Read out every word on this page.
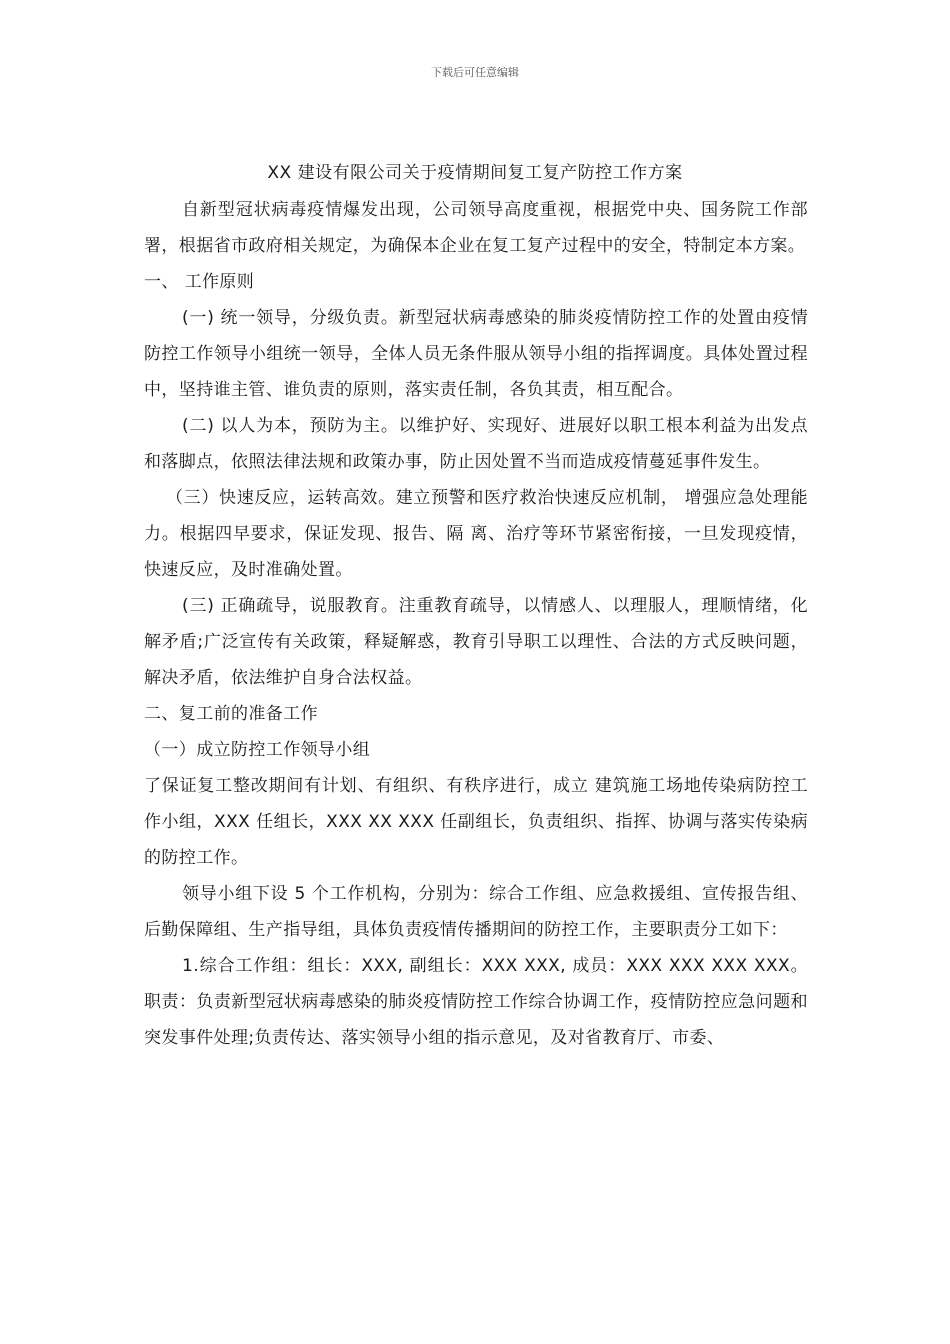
下载后可任意编辑
XX 建设有限公司关于疫情期间复工复产防控工作方案

自新型冠状病毒疫情爆发出现，公司领导高度重视，根据党中央、国务院工作部署，根据省市政府相关规定，为确保本企业在复工复产过程中的安全，特制定本方案。

一、 工作原则

(一) 统一领导，分级负责。新型冠状病毒感染的肺炎疫情防控工作的处置由疫情防控工作领导小组统一领导，全体人员无条件服从领导小组的指挥调度。具体处置过程中，坚持谁主管、谁负责的原则，落实责任制，各负其责，相互配合。

(二) 以人为本，预防为主。以维护好、实现好、进展好以职工根本利益为出发点和落脚点，依照法律法规和政策办事，防止因处置不当而造成疫情蔓延事件发生。

（三）快速反应，运转高效。建立预警和医疗救治快速反应机制， 增强应急处理能力。根据四早要求，保证发现、报告、隔 离、治疗等环节紧密衔接，一旦发现疫情，快速反应，及时准确处置。

(三) 正确疏导，说服教育。注重教育疏导，以情感人、以理服人，理顺情绪，化解矛盾;广泛宣传有关政策，释疑解惑，教育引导职工以理性、合法的方式反映问题，解决矛盾，依法维护自身合法权益。

二、复工前的准备工作

（一）成立防控工作领导小组

了保证复工整改期间有计划、有组织、有秩序进行，成立 建筑施工场地传染病防控工作小组，XXX 任组长，XXX XX XXX 任副组长，负责组织、指挥、协调与落实传染病的防控工作。

领导小组下设 5 个工作机构，分别为：综合工作组、应急救援组、宣传报告组、后勤保障组、生产指导组，具体负责疫情传播期间的防控工作，主要职责分工如下：

1.综合工作组：组长：XXX, 副组长：XXX XXX, 成员：XXX XXX XXX XXX。职责：负责新型冠状病毒感染的肺炎疫情防控工作综合协调工作，疫情防控应急问题和突发事件处理;负责传达、落实领导小组的指示意见，及对省教育厅、市委、
